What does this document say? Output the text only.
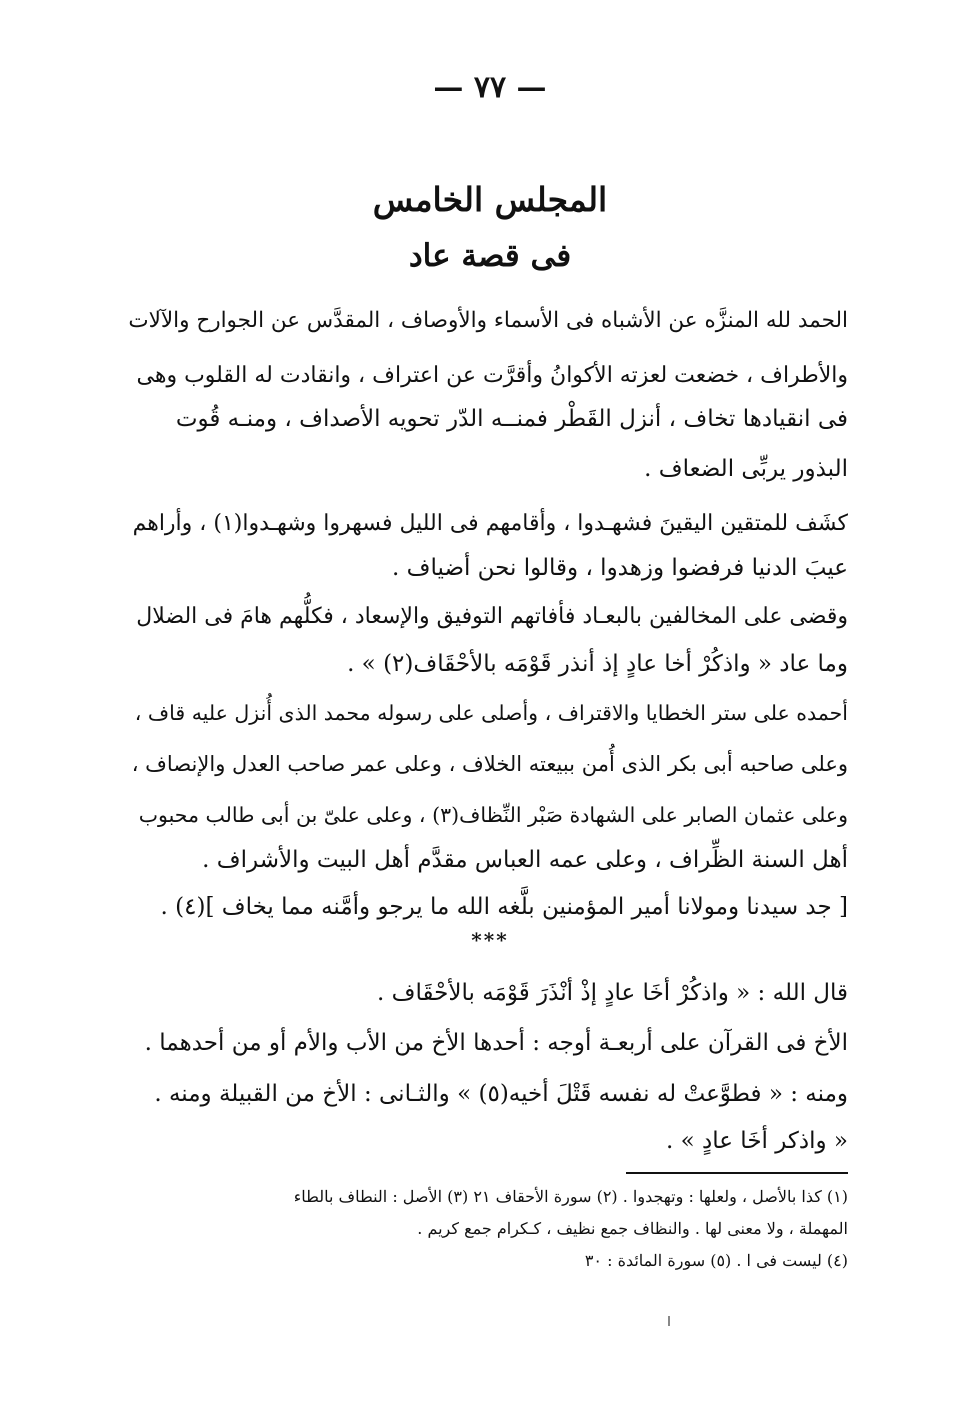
— ٧٧ —
المجلس الخامس
فى قصة عاد
الحمد لله المنزَّه عن الأشباه فى الأسماء والأوصاف ، المقدَّس عن الجوارح والآلات
والأطراف ، خضعت لعزته الأكوانُ وأقرَّت عن اعتراف ، وانقادت له القلوب وهى
فى انقيادها تخاف ، أنزل القَطْر فمنــه الدّر تحويه الأصداف ، ومنـه قُوت
البذور يربِّى الضعاف .
كشَف للمتقين اليقينَ فشهـدوا ، وأقامهم فى الليل فسهروا وشهـدوا(١) ، وأراهم
عيبَ الدنيا فرفضوا وزهدوا ، وقالوا نحن أضياف .
وقضى على المخالفين بالبعـاد فأفاتهم التوفيق والإسعاد ، فكلُّهم هامَ فى الضلال
وما عاد « واذكُرْ أخا عادٍ إذ أنذر قَوْمَه بالأحْقَاف(٢) » .
أحمده على ستر الخطايا والاقتراف ، وأصلى على رسوله محمد الذى أُنزل عليه قاف ،
وعلى صاحبه أبى بكر الذى أُمن ببيعته الخلاف ، وعلى عمر صاحب العدل والإنصاف ،
وعلى عثمان الصابر على الشهادة صَبْر النِّظاف(٣) ، وعلى علىّ بن أبى طالب محبوب
أهل السنة الظِّراف ، وعلى عمه العباس مقدَّم أهل البيت والأشراف .
[ جد سيدنا ومولانا أمير المؤمنين بلَّغه الله ما يرجو وأمَّنه مما يخاف ](٤) .
***
قال الله : « واذكُرْ أخَا عادٍ إذْ أنْذَرَ قَوْمَه بالأحْقَاف .
الأخ فى القرآن على أربعـة أوجه : أحدها الأخ من الأب والأم أو من أحدهما .
ومنه : « فطوَّعتْ له نفسه قَتْلَ أخيه(٥) » والثـانى : الأخ من القبيلة ومنه .
« واذكر أخَا عادٍ » .
(١) كذا بالأصل ، ولعلها : وتهجدوا . (٢) سورة الأحقاف ٢١ (٣) الأصل : النطاف بالطاء
المهملة ، ولا معنى لها . والنظاف جمع نظيف ، كـكرام جمع كريم .
(٤) ليست فى ا . (٥) سورة المائدة : ٣٠
